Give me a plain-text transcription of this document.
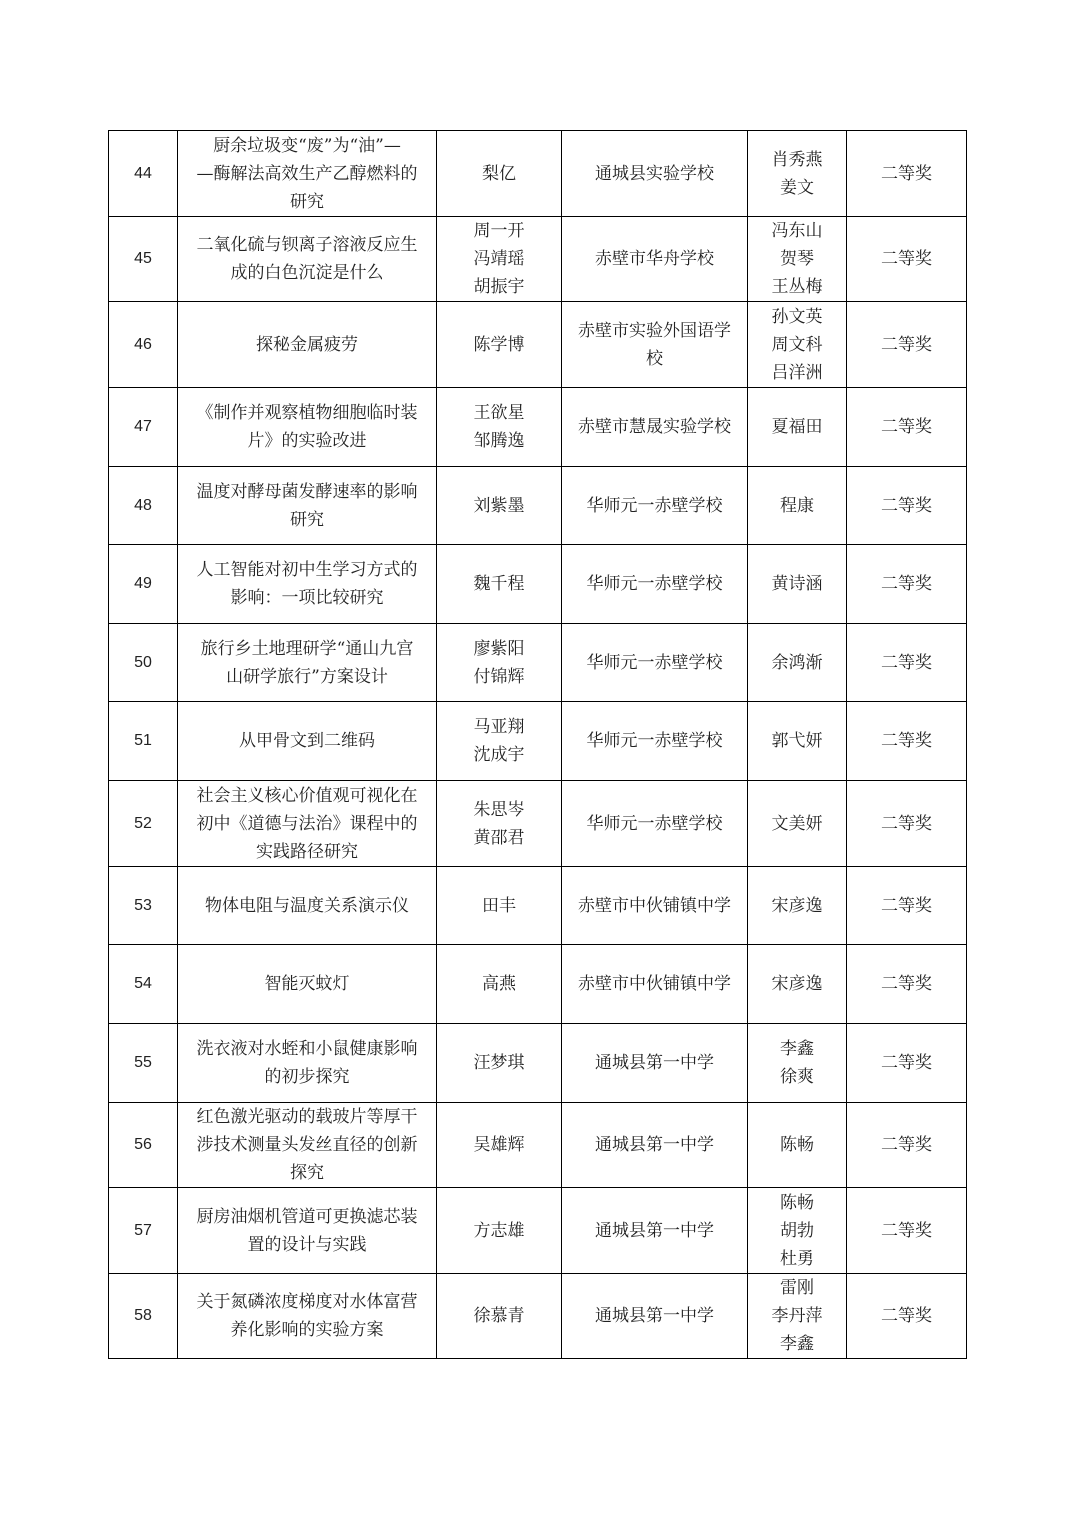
44	厨余垃圾变“废”为“油”—
—酶解法高效生产乙醇燃料的
研究	梨亿	通城县实验学校	肖秀燕
姜文	二等奖
45	二氧化硫与钡离子溶液反应生
成的白色沉淀是什么	周一开
冯靖瑶
胡振宇	赤壁市华舟学校	冯东山
贺琴
王丛梅	二等奖
46	探秘金属疲劳	陈学博	赤壁市实验外国语学
校	孙文英
周文科
吕洋洲	二等奖
47	《制作并观察植物细胞临时装
片》的实验改进	王欲星
邹腾逸	赤壁市慧晟实验学校	夏福田	二等奖
48	温度对酵母菌发酵速率的影响
研究	刘紫墨	华师元一赤壁学校	程康	二等奖
49	人工智能对初中生学习方式的
影响：一项比较研究	魏千程	华师元一赤壁学校	黄诗涵	二等奖
50	旅行乡土地理研学“通山九宫
山研学旅行”方案设计	廖紫阳
付锦辉	华师元一赤壁学校	余鸿渐	二等奖
51	从甲骨文到二维码	马亚翔
沈成宇	华师元一赤壁学校	郭弋妍	二等奖
52	社会主义核心价值观可视化在
初中《道德与法治》课程中的
实践路径研究	朱思岑
黄邵君	华师元一赤壁学校	文美妍	二等奖
53	物体电阻与温度关系演示仪	田丰	赤壁市中伙铺镇中学	宋彦逸	二等奖
54	智能灭蚊灯	高燕	赤壁市中伙铺镇中学	宋彦逸	二等奖
55	洗衣液对水蛭和小鼠健康影响
的初步探究	汪梦琪	通城县第一中学	李鑫
徐爽	二等奖
56	红色激光驱动的载玻片等厚干
涉技术测量头发丝直径的创新
探究	吴雄辉	通城县第一中学	陈畅	二等奖
57	厨房油烟机管道可更换滤芯装
置的设计与实践	方志雄	通城县第一中学	陈畅
胡勃
杜勇	二等奖
58	关于氮磷浓度梯度对水体富营
养化影响的实验方案	徐慕青	通城县第一中学	雷刚
李丹萍
李鑫	二等奖
